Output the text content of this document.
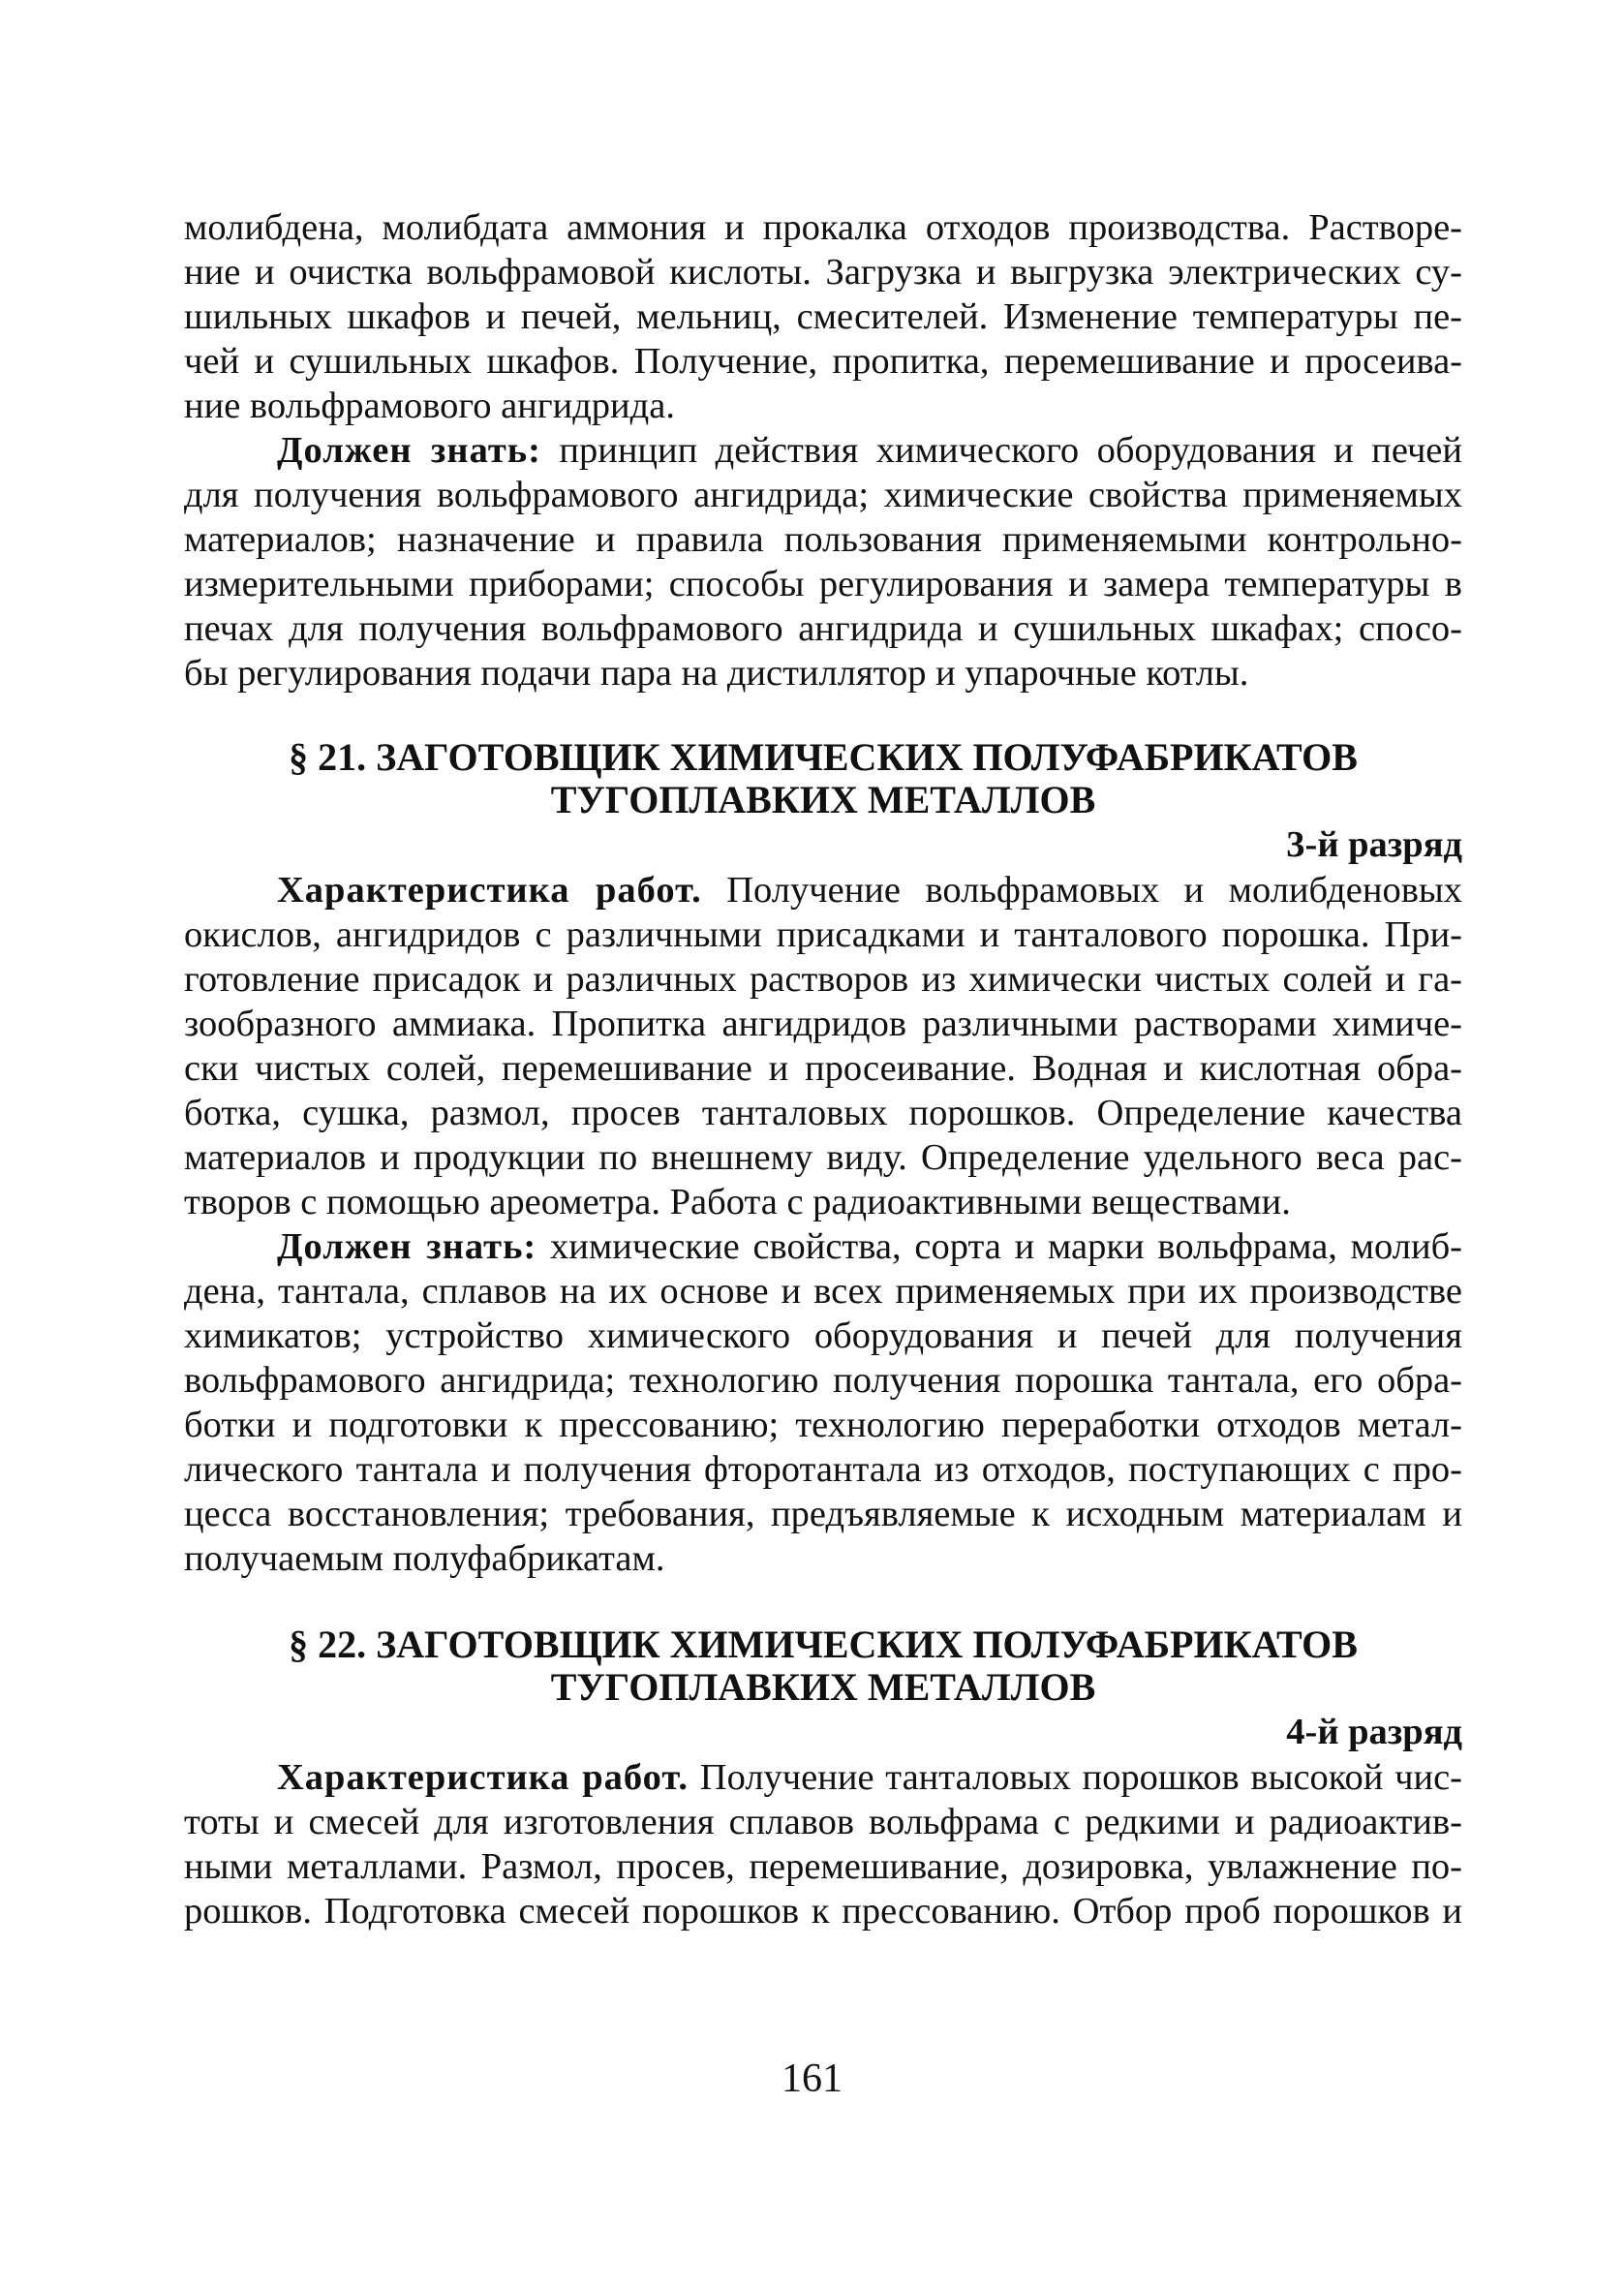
молибдена, молибдата аммония и прокалка отходов производства. Растворе-
ние и очистка вольфрамовой кислоты. Загрузка и выгрузка электрических су-
шильных шкафов и печей, мельниц, смесителей. Изменение температуры пе-
чей и сушильных шкафов. Получение, пропитка, перемешивание и просеива-
ние вольфрамового ангидрида.
Должен знать: принцип действия химического оборудования и печей
для получения вольфрамового ангидрида; химические свойства применяемых
материалов; назначение и правила пользования применяемыми контрольно-
измерительными приборами; способы регулирования и замера температуры в
печах для получения вольфрамового ангидрида и сушильных шкафах; спосо-
бы регулирования подачи пара на дистиллятор и упарочные котлы.
§ 21. ЗАГОТОВЩИК ХИМИЧЕСКИХ ПОЛУФАБРИКАТОВ
ТУГОПЛАВКИХ МЕТАЛЛОВ
3-й разряд
Характеристика работ. Получение вольфрамовых и молибденовых
окислов, ангидридов с различными присадками и танталового порошка. При-
готовление присадок и различных растворов из химически чистых солей и га-
зообразного аммиака. Пропитка ангидридов различными растворами химиче-
ски чистых солей, перемешивание и просеивание. Водная и кислотная обра-
ботка, сушка, размол, просев танталовых порошков. Определение качества
материалов и продукции по внешнему виду. Определение удельного веса рас-
творов с помощью ареометра. Работа с радиоактивными веществами.
Должен знать: химические свойства, сорта и марки вольфрама, молиб-
дена, тантала, сплавов на их основе и всех применяемых при их производстве
химикатов; устройство химического оборудования и печей для получения
вольфрамового ангидрида; технологию получения порошка тантала, его обра-
ботки и подготовки к прессованию; технологию переработки отходов метал-
лического тантала и получения фторотантала из отходов, поступающих с про-
цесса восстановления; требования, предъявляемые к исходным материалам и
получаемым полуфабрикатам.
§ 22. ЗАГОТОВЩИК ХИМИЧЕСКИХ ПОЛУФАБРИКАТОВ
ТУГОПЛАВКИХ МЕТАЛЛОВ
4-й разряд
Характеристика работ. Получение танталовых порошков высокой чис-
тоты и смесей для изготовления сплавов вольфрама с редкими и радиоактив-
ными металлами. Размол, просев, перемешивание, дозировка, увлажнение по-
рошков. Подготовка смесей порошков к прессованию. Отбор проб порошков и
161
